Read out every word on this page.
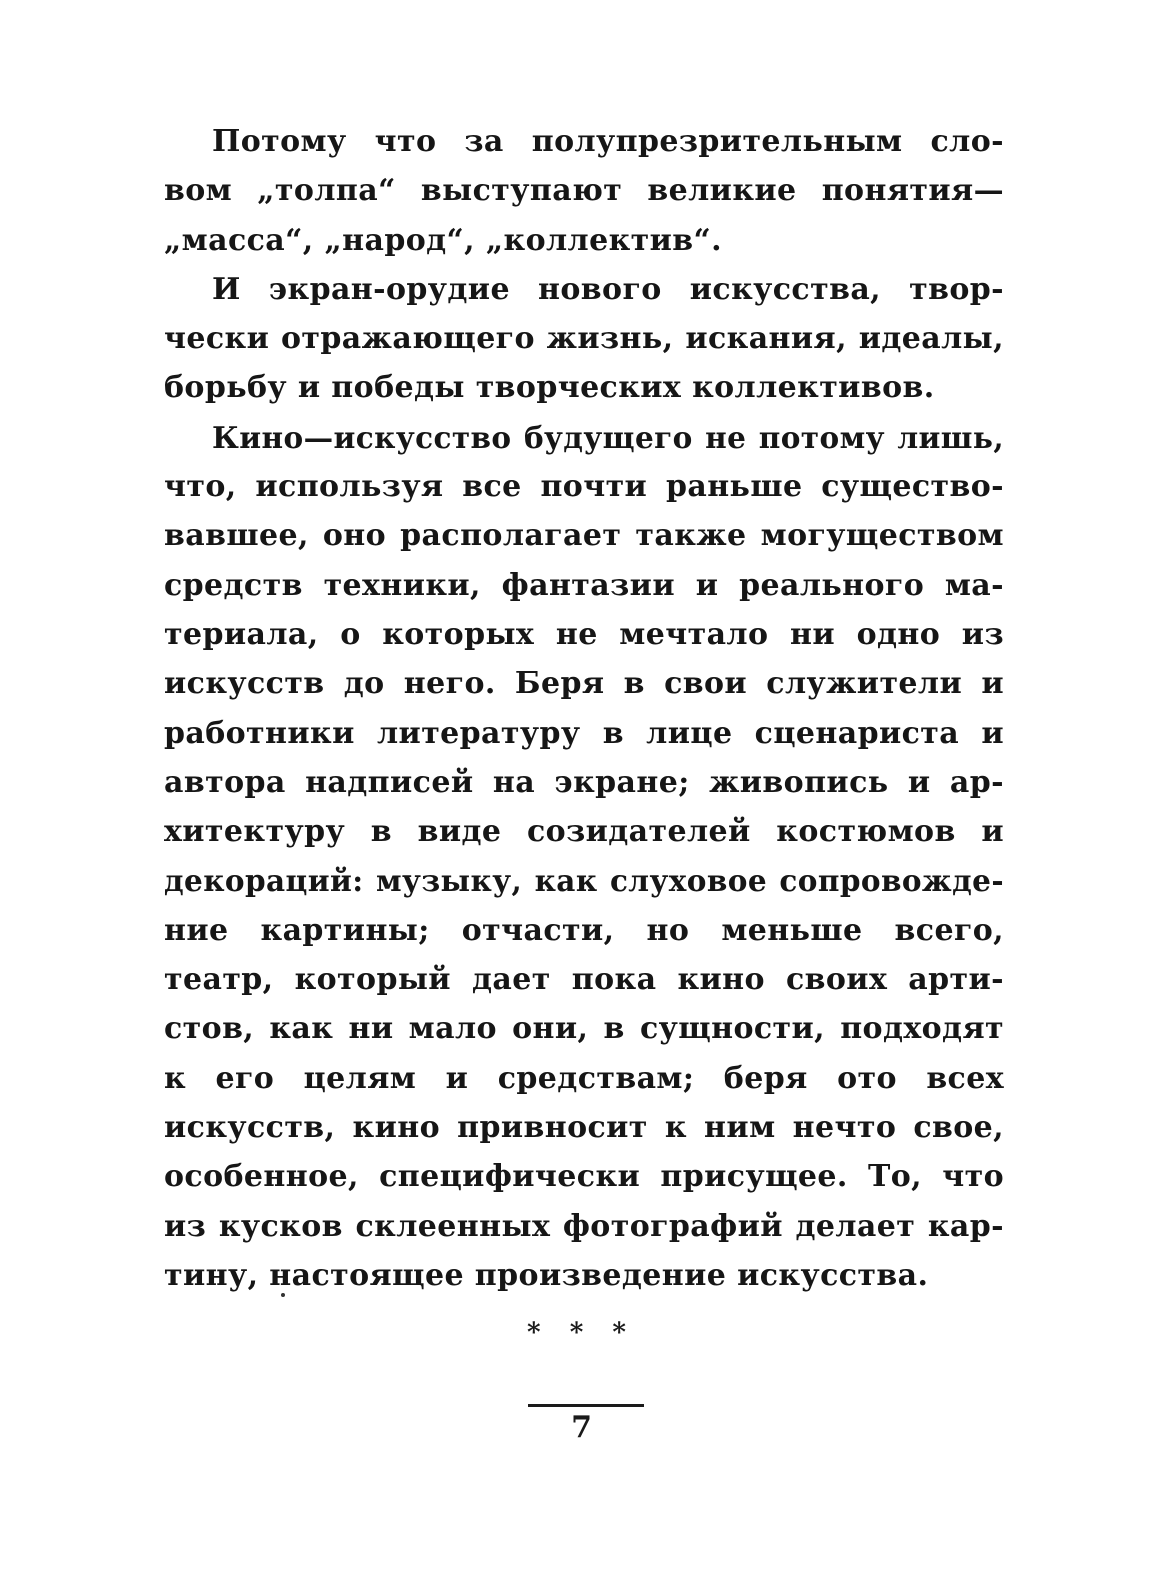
Потому что за полупрезрительным сло-
вом „толпа“ выступают великие понятия—
„масса“, „народ“, „коллектив“.
И экран-орудие нового искусства, твор-
чески отражающего жизнь, искания, идеалы,
борьбу и победы творческих коллективов.
Кино—искусство будущего не потому лишь,
что, используя все почти раньше существо-
вавшее, оно располагает также могуществом
средств техники, фантазии и реального ма-
териала, о которых не мечтало ни одно из
искусств до него. Беря в свои служители и
работники литературу в лице сценариста и
автора надписей на экране; живопись и ар-
хитектуру в виде созидателей костюмов и
декораций: музыку, как слуховое сопровожде-
ние картины; отчасти, но меньше всего,
театр, который дает пока кино своих арти-
стов, как ни мало они, в сущности, подходят
к его целям и средствам; беря ото всех
искусств, кино привносит к ним нечто свое,
особенное, специфически присущее. То, что
из кусков склеенных фотографий делает кар-
тину, настоящее произведение искусства.
* * *
7
